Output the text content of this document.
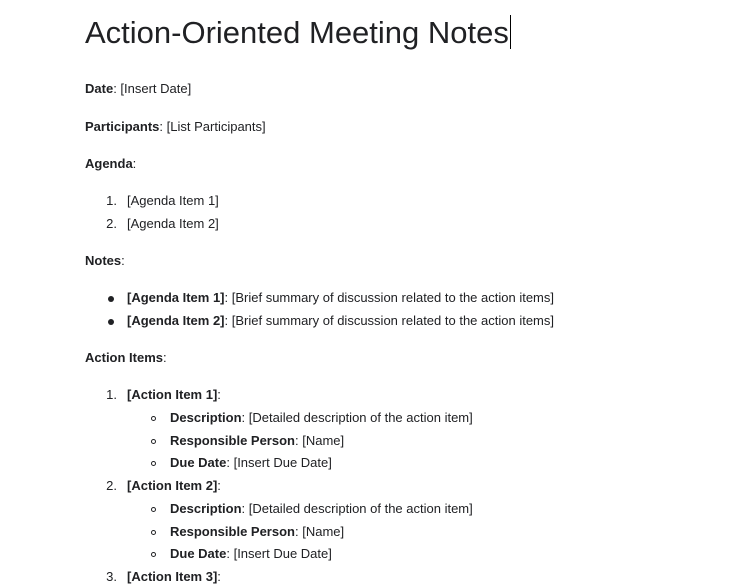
Action-Oriented Meeting Notes

Date: [Insert Date]

Participants: [List Participants]

Agenda:

1. [Agenda Item 1]
2. [Agenda Item 2]

Notes:

[Agenda Item 1]: [Brief summary of discussion related to the action items]
[Agenda Item 2]: [Brief summary of discussion related to the action items]

Action Items:

1. [Action Item 1]:
Description: [Detailed description of the action item]
Responsible Person: [Name]
Due Date: [Insert Due Date]
2. [Action Item 2]:
Description: [Detailed description of the action item]
Responsible Person: [Name]
Due Date: [Insert Due Date]
3. [Action Item 3]:
